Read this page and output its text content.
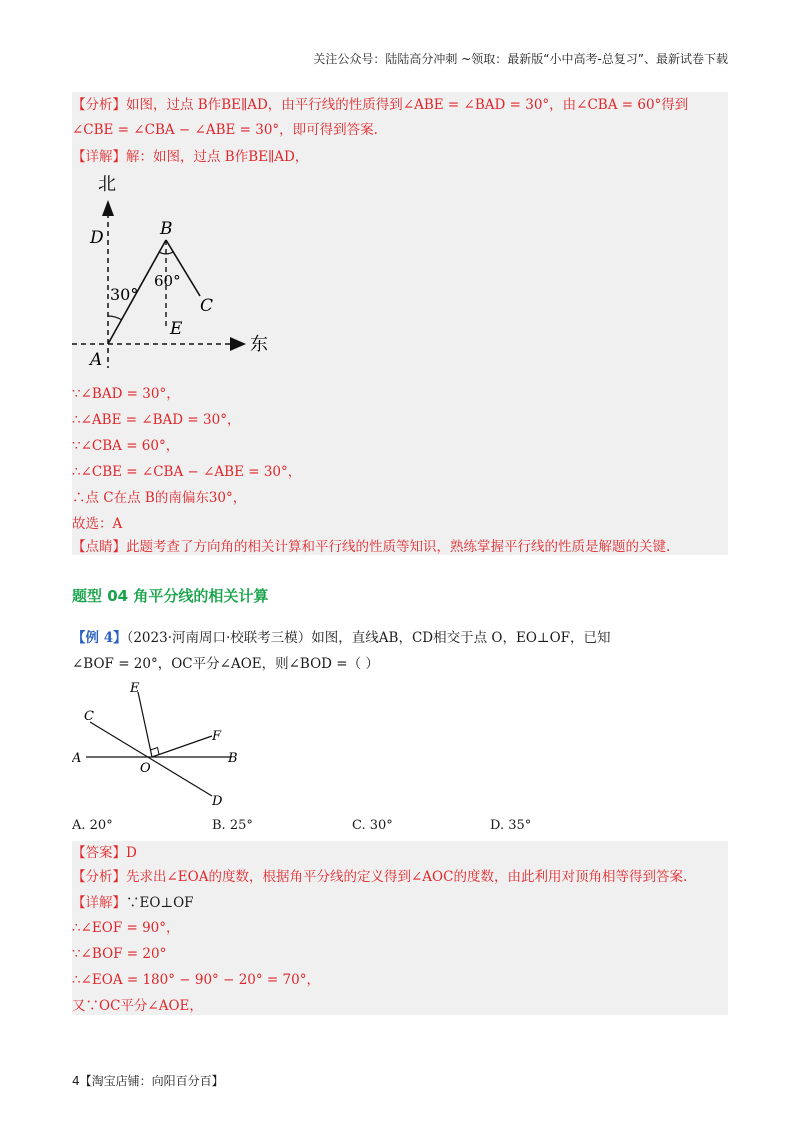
关注公众号：陆陆高分冲刺 ~领取：最新版“小中高考-总复习”、最新试卷下载
【分析】如图，过点 B作BE∥AD，由平行线的性质得到∠ABE = ∠BAD = 30°，由∠CBA = 60°得到
∠CBE = ∠CBA − ∠ABE = 30°，即可得到答案.
【详解】解：如图，过点 B作BE∥AD，
北
东
D	B
C
E
A
30°
60°
∵∠BAD = 30°，
∴∠ABE = ∠BAD = 30°，
∵∠CBA = 60°，
∴∠CBE = ∠CBA − ∠ABE = 30°，
∴点 C在点 B的南偏东30°，
故选：A
【点睛】此题考查了方向角的相关计算和平行线的性质等知识，熟练掌握平行线的性质是解题的关键.
题型 04 角平分线的相关计算
【例 4】（2023·河南周口·校联考三模）如图，直线AB，CD相交于点 O，EO⊥OF，已知
∠BOF = 20°，OC平分∠AOE，则∠BOD =（ ）
E
C
F
A
O
B
D
A. 20°	B. 25°	C. 30°	D. 35°
【答案】D
【分析】先求出∠EOA的度数，根据角平分线的定义得到∠AOC的度数，由此利用对顶角相等得到答案.
【详解】∵EO⊥OF
∴∠EOF = 90°，
∵∠BOF = 20°
∴∠EOA = 180° − 90° − 20° = 70°，
又∵OC平分∠AOE，
4【淘宝店铺：向阳百分百】
